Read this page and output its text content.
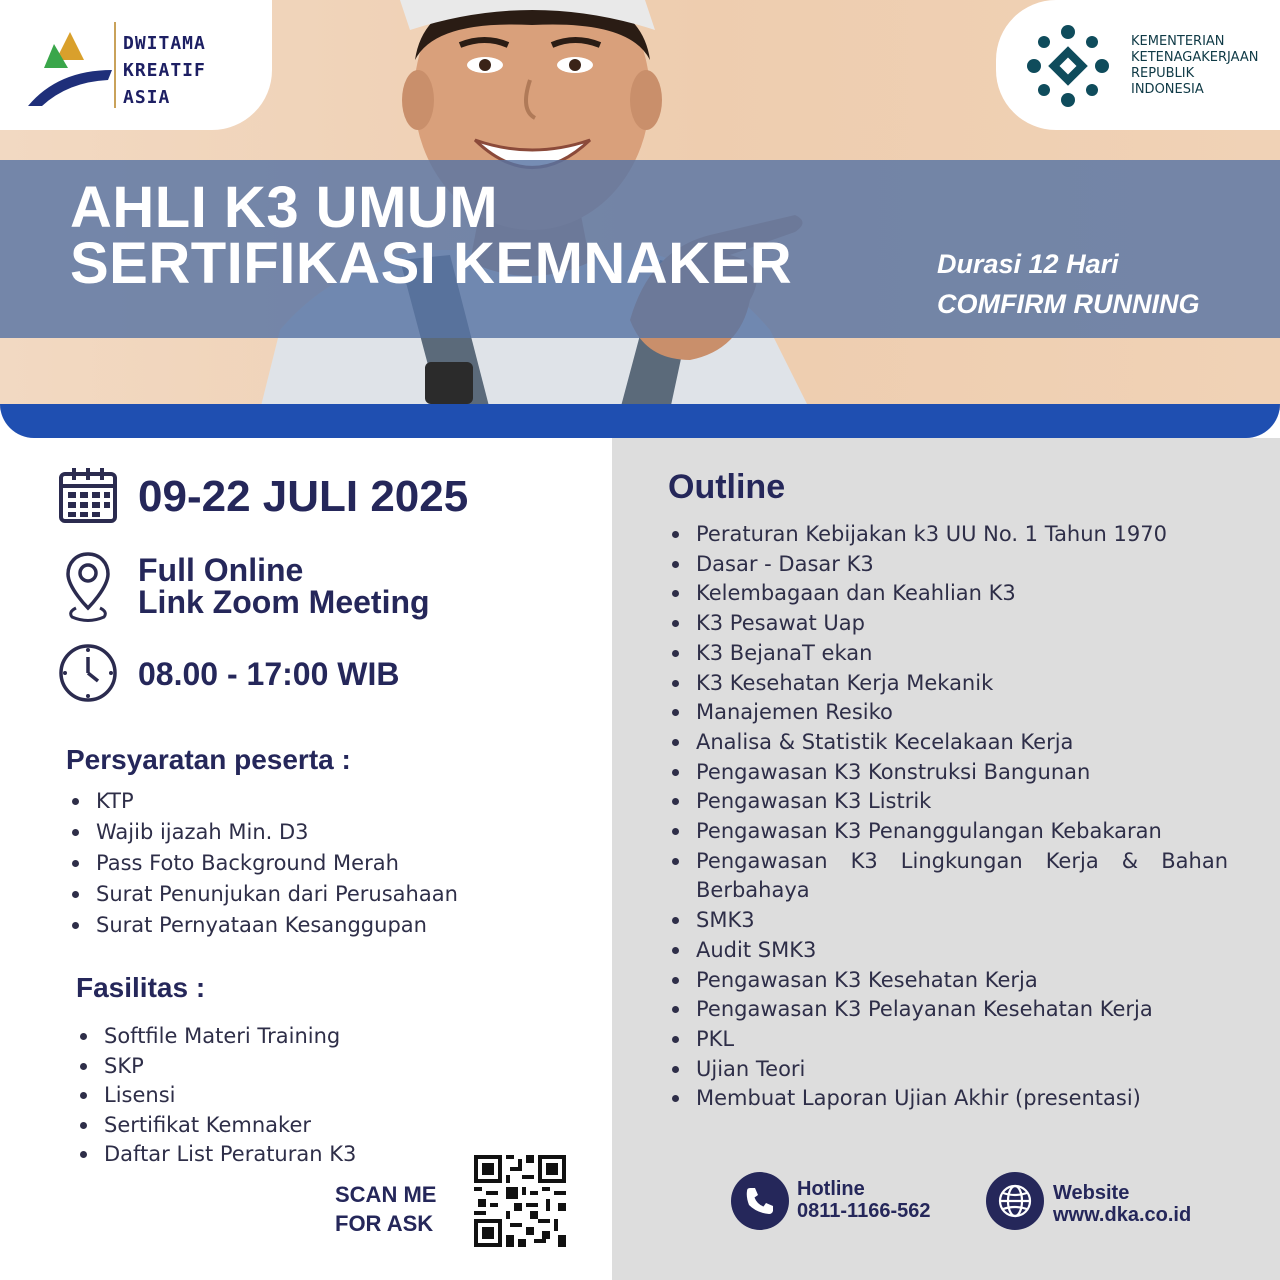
AHLI K3 UMUM
SERTIFIKASI KEMNAKER	Durasi 12 Hari
COMFIRM RUNNING
DWITAMA
KREATIF
ASIA
KEMENTERIAN
KETENAGAKERJAAN
REPUBLIK
INDONESIA
09-22 JULI 2025
Full Online
Link Zoom Meeting
08.00 - 17:00 WIB
Persyaratan peserta :
KTP
Wajib ijazah Min. D3
Pass Foto Background Merah
Surat Penunjukan dari Perusahaan
Surat Pernyataan Kesanggupan
Fasilitas :
Softfile Materi Training
SKP
Lisensi
Sertifikat Kemnaker
Daftar List Peraturan K3
SCAN ME
FOR ASK
Outline
Peraturan Kebijakan k3 UU No. 1 Tahun 1970
Dasar - Dasar K3
Kelembagaan dan Keahlian K3
K3 Pesawat Uap
K3 BejanaT ekan
K3 Kesehatan Kerja Mekanik
Manajemen Resiko
Analisa & Statistik Kecelakaan Kerja
Pengawasan K3 Konstruksi Bangunan
Pengawasan K3 Listrik
Pengawasan K3 Penanggulangan Kebakaran
Pengawasan K3 Lingkungan Kerja & Bahan Berbahaya
SMK3
Audit SMK3
Pengawasan K3 Kesehatan Kerja
Pengawasan K3 Pelayanan Kesehatan Kerja
PKL
Ujian Teori
Membuat Laporan Ujian Akhir (presentasi)
Hotline
0811-1166-562
Website
www.dka.co.id
